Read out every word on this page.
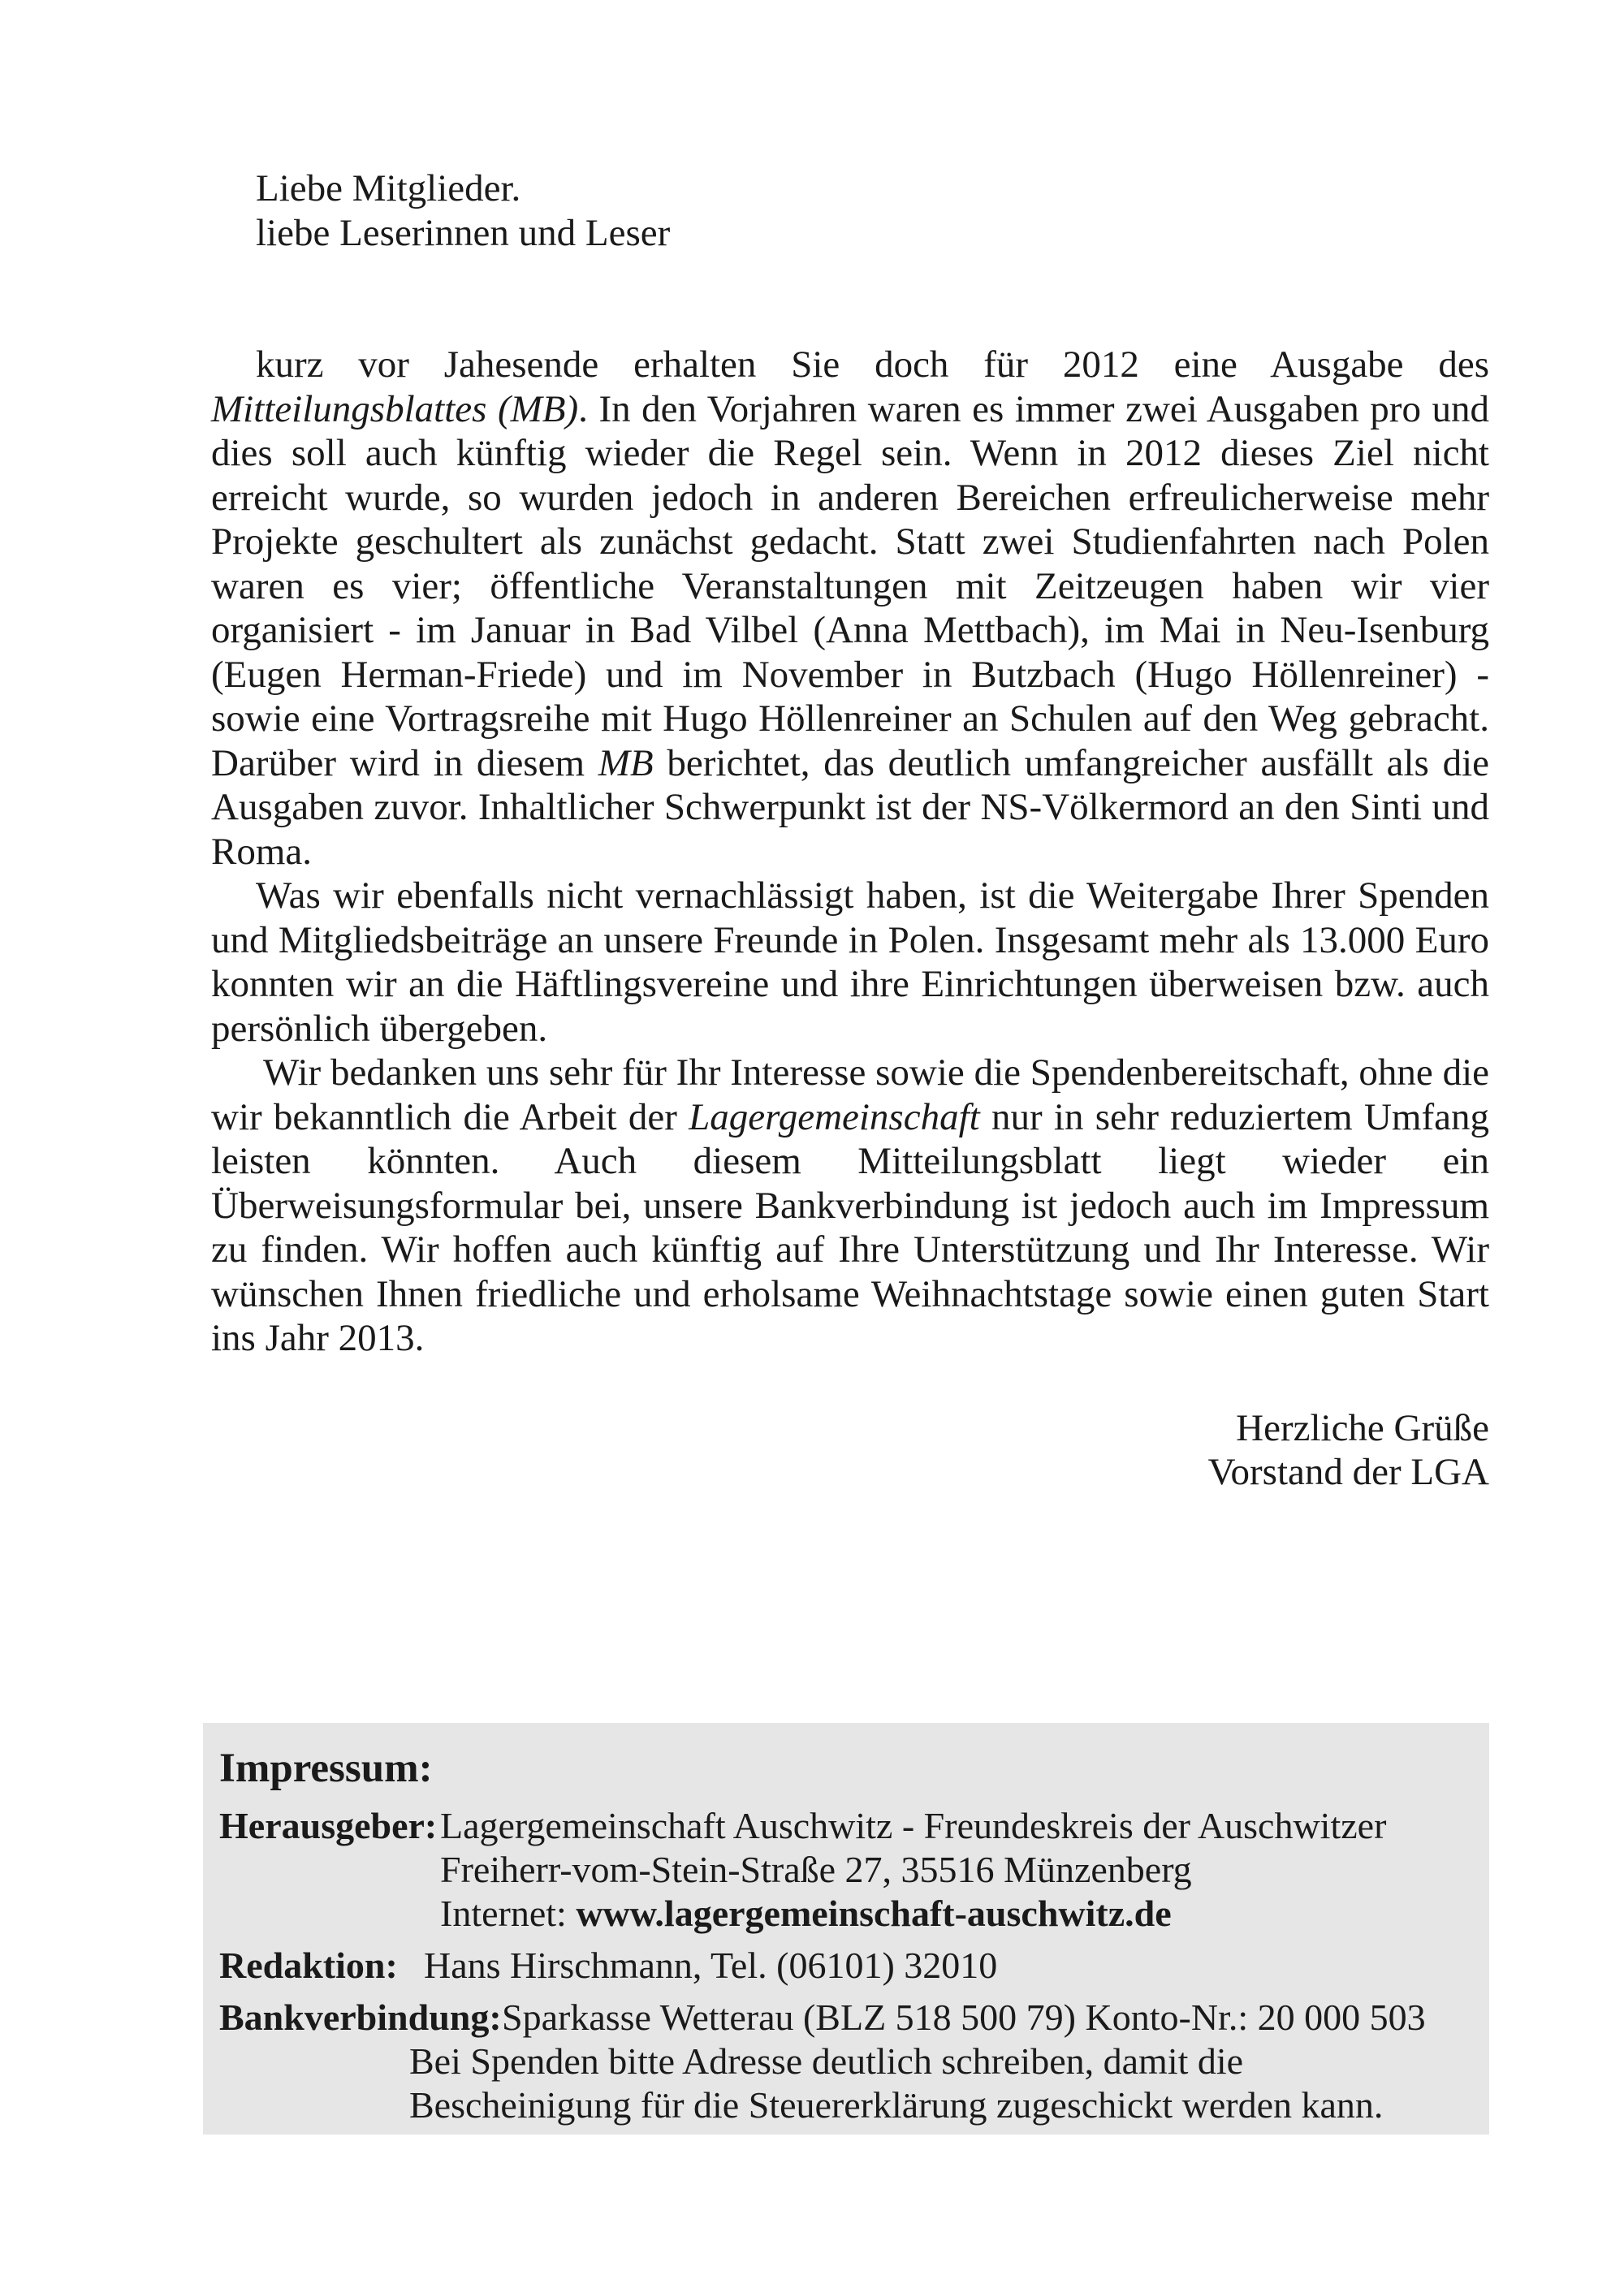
Liebe Mitglieder.
liebe Leserinnen und Leser

kurz vor Jahesende erhalten Sie doch für 2012 eine Ausgabe des Mitteilungsblattes (MB). In den Vorjahren waren es immer zwei Ausgaben pro und dies soll auch künftig wieder die Regel sein. Wenn in 2012 dieses Ziel nicht erreicht wurde, so wurden jedoch in anderen Bereichen erfreulicherweise mehr Projekte geschultert als zunächst gedacht. Statt zwei Studienfahrten nach Polen waren es vier; öffentliche Veranstaltungen mit Zeitzeugen haben wir vier organisiert - im Januar in Bad Vilbel (Anna Mettbach), im Mai in Neu-Isenburg (Eugen Herman-Friede) und im November in Butzbach (Hugo Höllenreiner) - sowie eine Vortragsreihe mit Hugo Höllenreiner an Schulen auf den Weg gebracht. Darüber wird in diesem MB berichtet, das deutlich umfangreicher ausfällt als die Ausgaben zuvor. Inhaltlicher Schwerpunkt ist der NS-Völkermord an den Sinti und Roma.

Was wir ebenfalls nicht vernachlässigt haben, ist die Weitergabe Ihrer Spenden und Mitgliedsbeiträge an unsere Freunde in Polen. Insgesamt mehr als 13.000 Euro konnten wir an die Häftlingsvereine und ihre Einrichtungen überweisen bzw. auch persönlich übergeben.

Wir bedanken uns sehr für Ihr Interesse sowie die Spendenbereitschaft, ohne die wir bekanntlich die Arbeit der Lagergemeinschaft nur in sehr reduziertem Umfang leisten könnten. Auch diesem Mitteilungsblatt liegt wieder ein Überweisungsformular bei, unsere Bankverbindung ist jedoch auch im Impressum zu finden. Wir hoffen auch künftig auf Ihre Unterstützung und Ihr Interesse. Wir wünschen Ihnen friedliche und erholsame Weihnachtstage sowie einen guten Start ins Jahr 2013.

Herzliche Grüße
Vorstand der LGA
Impressum:
Herausgeber: Lagergemeinschaft Auschwitz - Freundeskreis der Auschwitzer
Freiherr-vom-Stein-Straße 27, 35516 Münzenberg
Internet: www.lagergemeinschaft-auschwitz.de
Redaktion: Hans Hirschmann, Tel. (06101) 32010
Bankverbindung: Sparkasse Wetterau (BLZ 518 500 79) Konto-Nr.: 20 000 503
Bei Spenden bitte Adresse deutlich schreiben, damit die
Bescheinigung für die Steuererklärung zugeschickt werden kann.
